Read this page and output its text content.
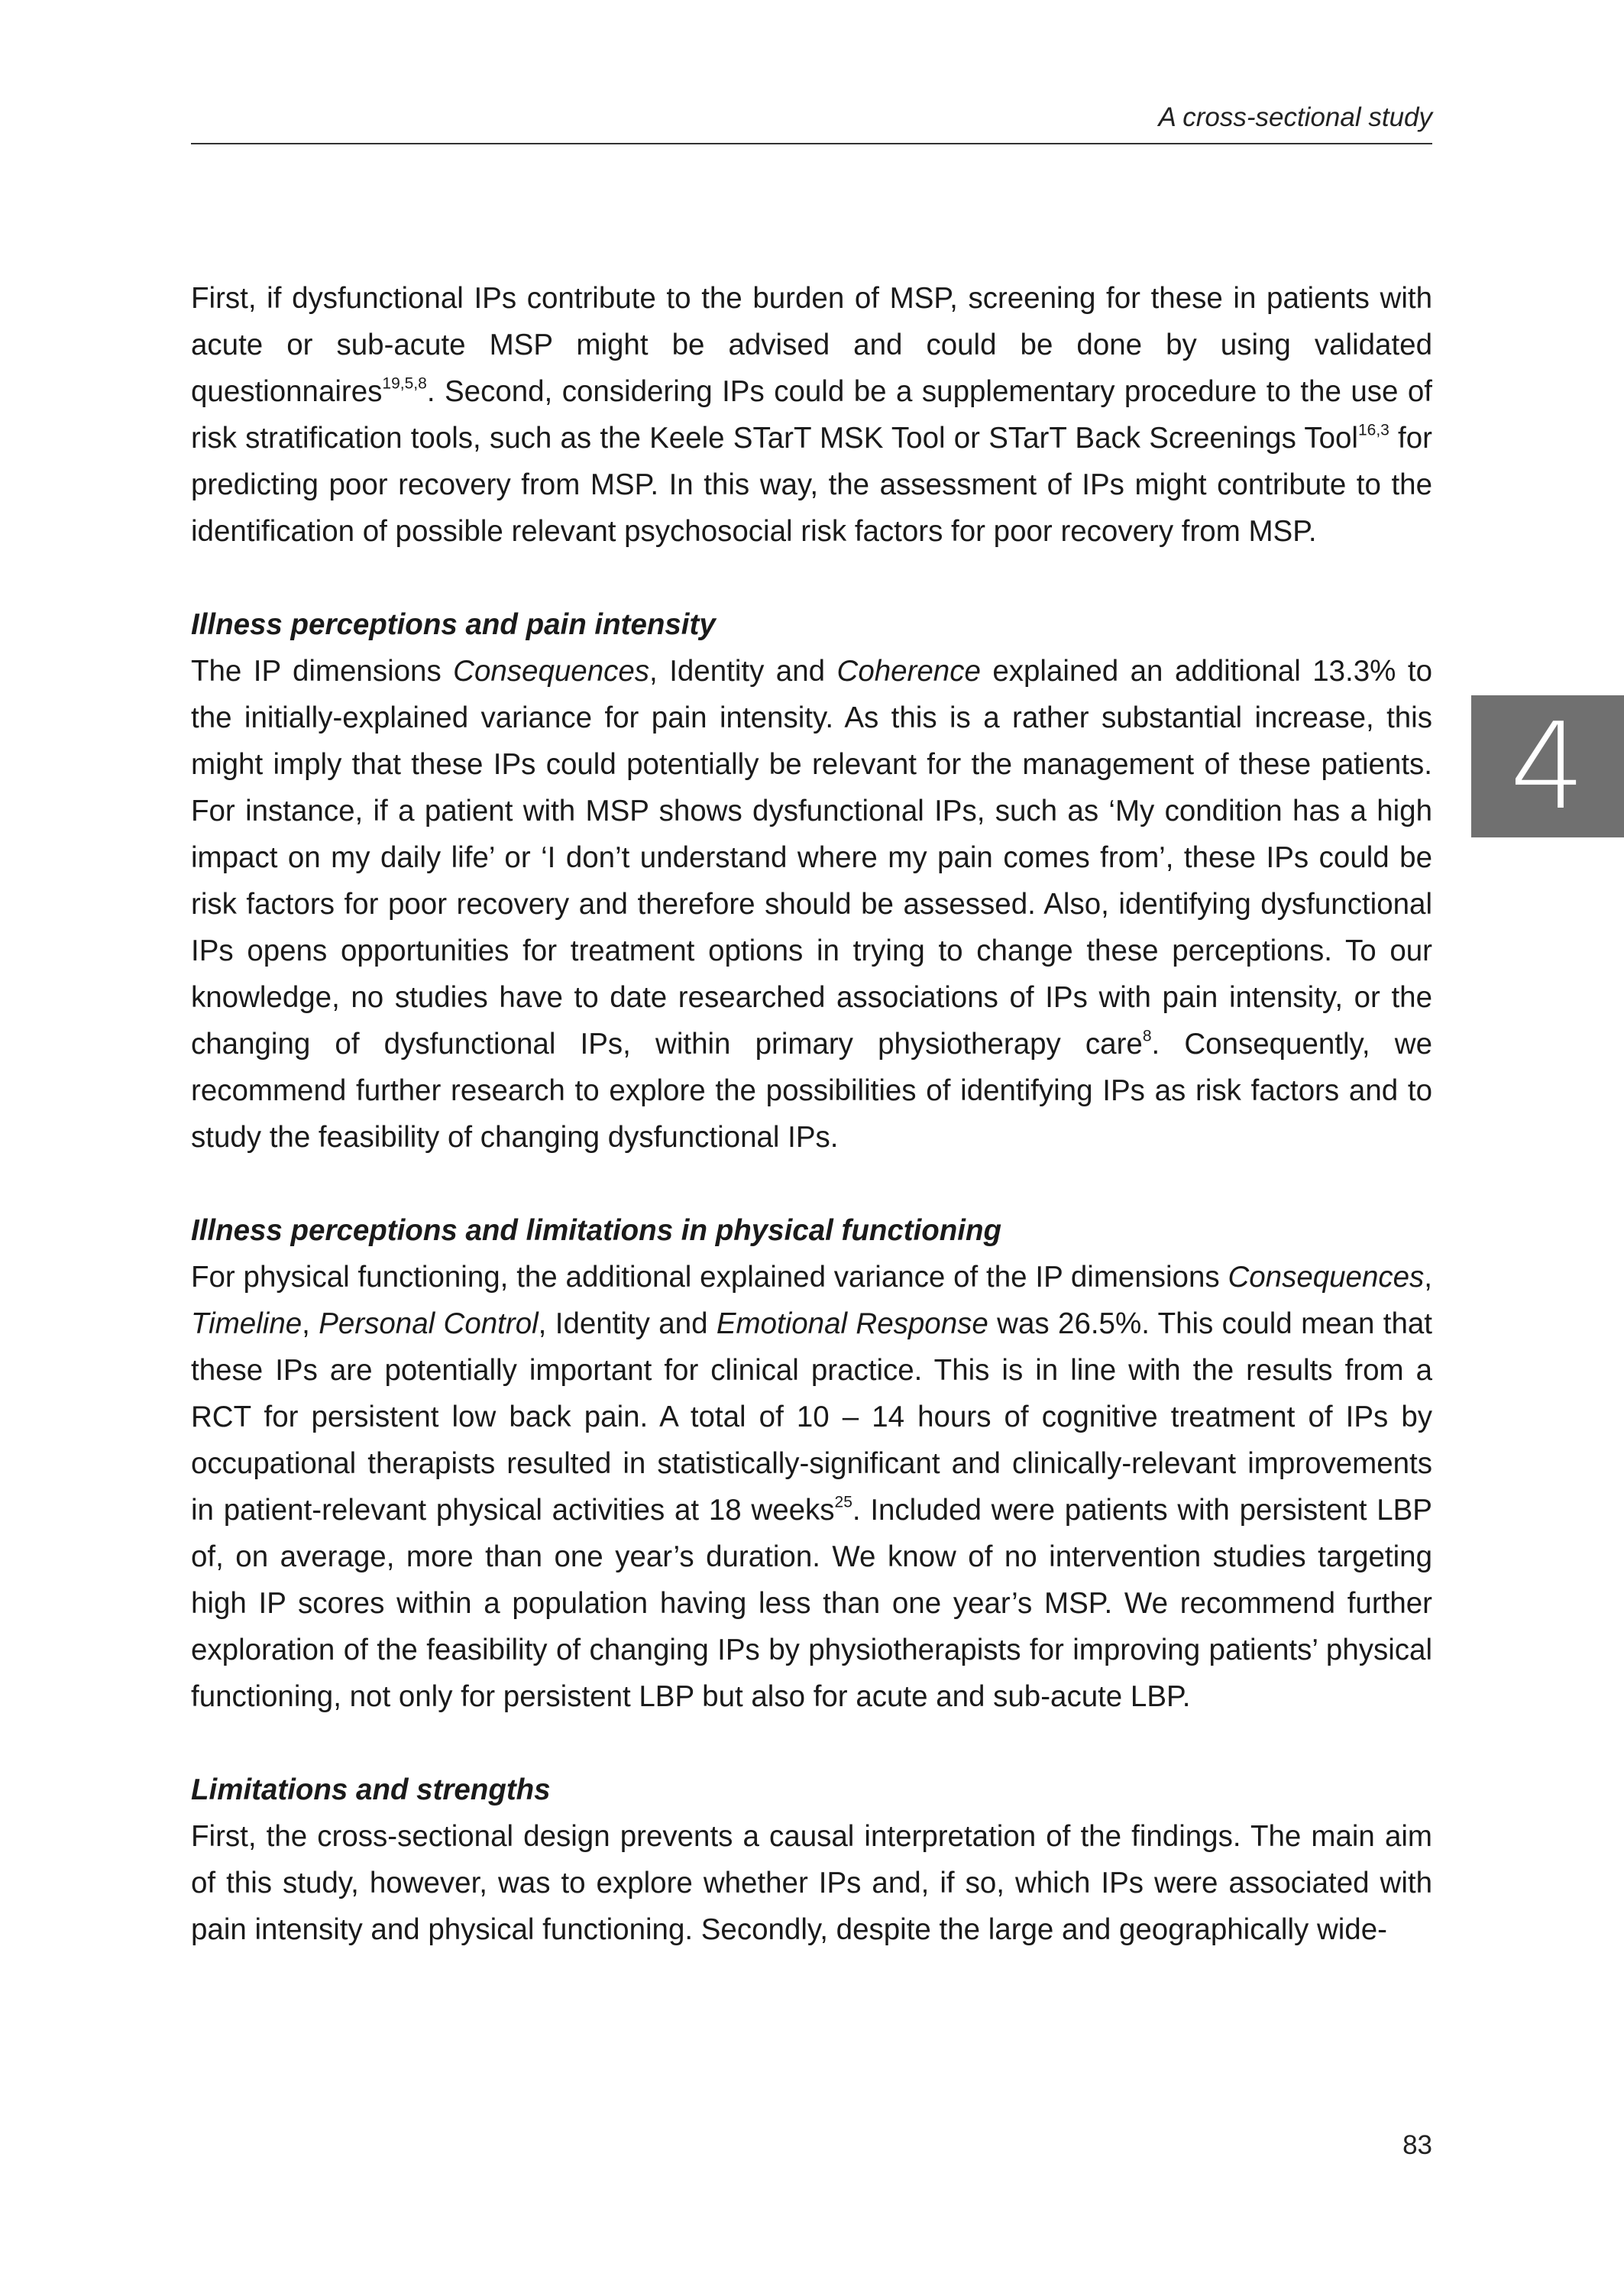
A cross-sectional study
4

First, if dysfunctional IPs contribute to the burden of MSP, screening for these in patients with acute or sub-acute MSP might be advised and could be done by using validated questionnaires$^{19,5,8}$. Second, considering IPs could be a supplementary procedure to the use of risk stratification tools, such as the Keele STarT MSK Tool or STarT Back Screenings Tool$^{16,3}$ for predicting poor recovery from MSP. In this way, the assessment of IPs might contribute to the identification of possible relevant psychosocial risk factors for poor recovery from MSP.

Illness perceptions and pain intensity

The IP dimensions Consequences, Identity and Coherence explained an additional 13.3% to the initially-explained variance for pain intensity. As this is a rather substantial increase, this might imply that these IPs could potentially be relevant for the management of these patients. For instance, if a patient with MSP shows dysfunctional IPs, such as ‘My condition has a high impact on my daily life’ or ‘I don’t understand where my pain comes from’, these IPs could be risk factors for poor recovery and therefore should be assessed. Also, identifying dysfunctional IPs opens opportunities for treatment options in trying to change these perceptions. To our knowledge, no studies have to date researched associations of IPs with pain intensity, or the changing of dysfunctional IPs, within primary physiotherapy care$^8$. Consequently, we recommend further research to explore the possibilities of identifying IPs as risk factors and to study the feasibility of changing dysfunctional IPs.

Illness perceptions and limitations in physical functioning

For physical functioning, the additional explained variance of the IP dimensions Consequences, Timeline, Personal Control, Identity and Emotional Response was 26.5%. This could mean that these IPs are potentially important for clinical practice. This is in line with the results from a RCT for persistent low back pain. A total of 10 – 14 hours of cognitive treatment of IPs by occupational therapists resulted in statistically-significant and clinically-relevant improvements in patient-relevant physical activities at 18 weeks$^{25}$. Included were patients with persistent LBP of, on average, more than one year’s duration. We know of no intervention studies targeting high IP scores within a population having less than one year’s MSP. We recommend further exploration of the feasibility of changing IPs by physiotherapists for improving patients’ physical functioning, not only for persistent LBP but also for acute and sub-acute LBP.

Limitations and strengths

First, the cross-sectional design prevents a causal interpretation of the findings. The main aim of this study, however, was to explore whether IPs and, if so, which IPs were associated with pain intensity and physical functioning. Secondly, despite the large and geographically wide-

83
